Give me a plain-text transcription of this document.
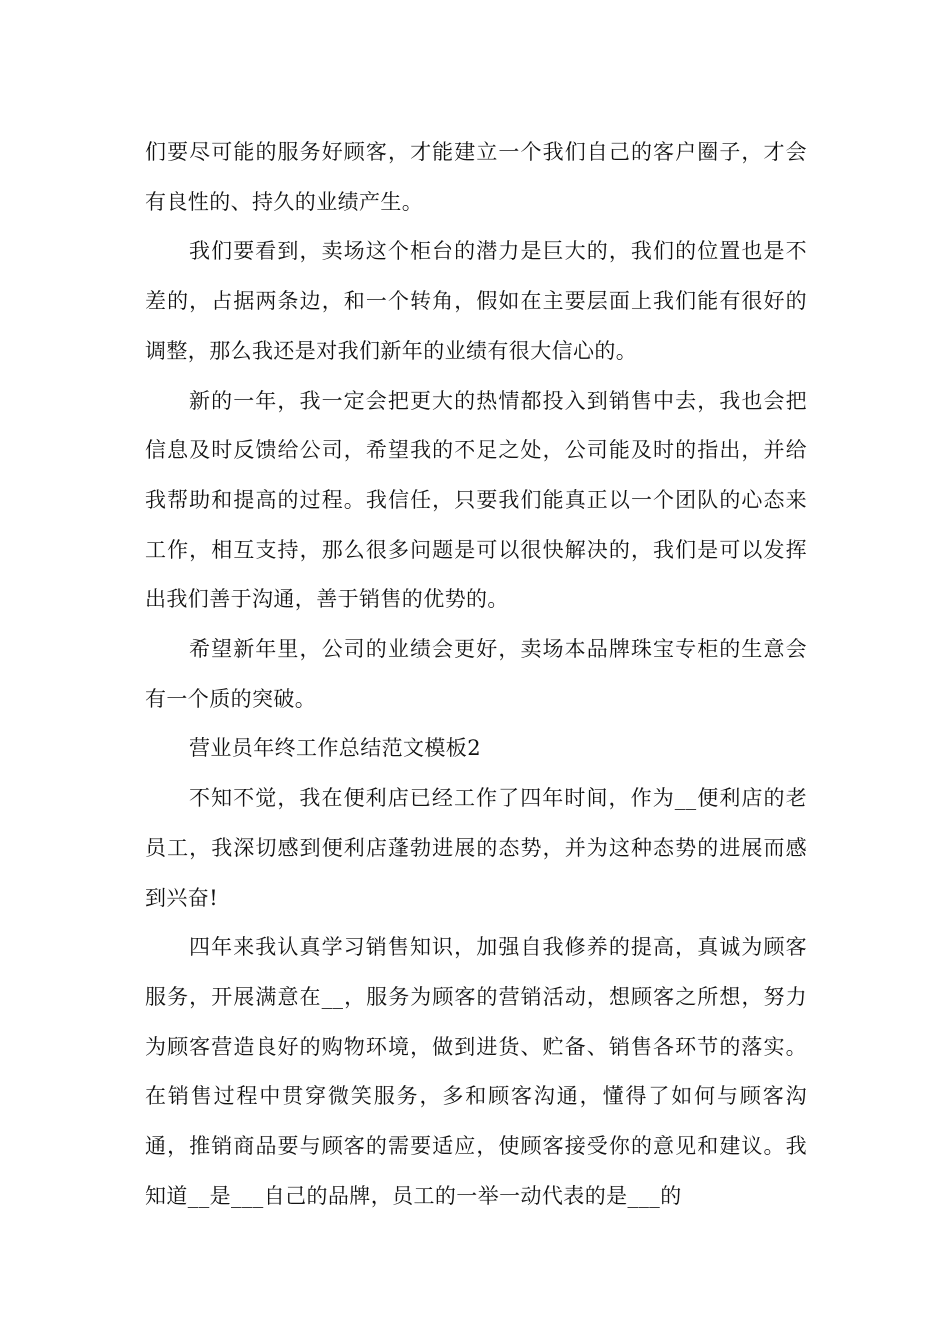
们要尽可能的服务好顾客，才能建立一个我们自己的客户圈子，才会有良性的、持久的业绩产生。

我们要看到，卖场这个柜台的潜力是巨大的，我们的位置也是不差的，占据两条边，和一个转角，假如在主要层面上我们能有很好的调整，那么我还是对我们新年的业绩有很大信心的。

新的一年，我一定会把更大的热情都投入到销售中去，我也会把信息及时反馈给公司，希望我的不足之处，公司能及时的指出，并给我帮助和提高的过程。我信任，只要我们能真正以一个团队的心态来工作，相互支持，那么很多问题是可以很快解决的，我们是可以发挥出我们善于沟通，善于销售的优势的。

希望新年里，公司的业绩会更好，卖场本品牌珠宝专柜的生意会有一个质的突破。

营业员年终工作总结范文模板2

不知不觉，我在便利店已经工作了四年时间，作为__便利店的老员工，我深切感到便利店蓬勃进展的态势，并为这种态势的进展而感到兴奋!

四年来我认真学习销售知识，加强自我修养的提高，真诚为顾客服务，开展满意在__，服务为顾客的营销活动，想顾客之所想，努力为顾客营造良好的购物环境，做到进货、贮备、销售各环节的落实。在销售过程中贯穿微笑服务，多和顾客沟通，懂得了如何与顾客沟通，推销商品要与顾客的需要适应，使顾客接受你的意见和建议。我知道__是___自己的品牌，员工的一举一动代表的是___的
